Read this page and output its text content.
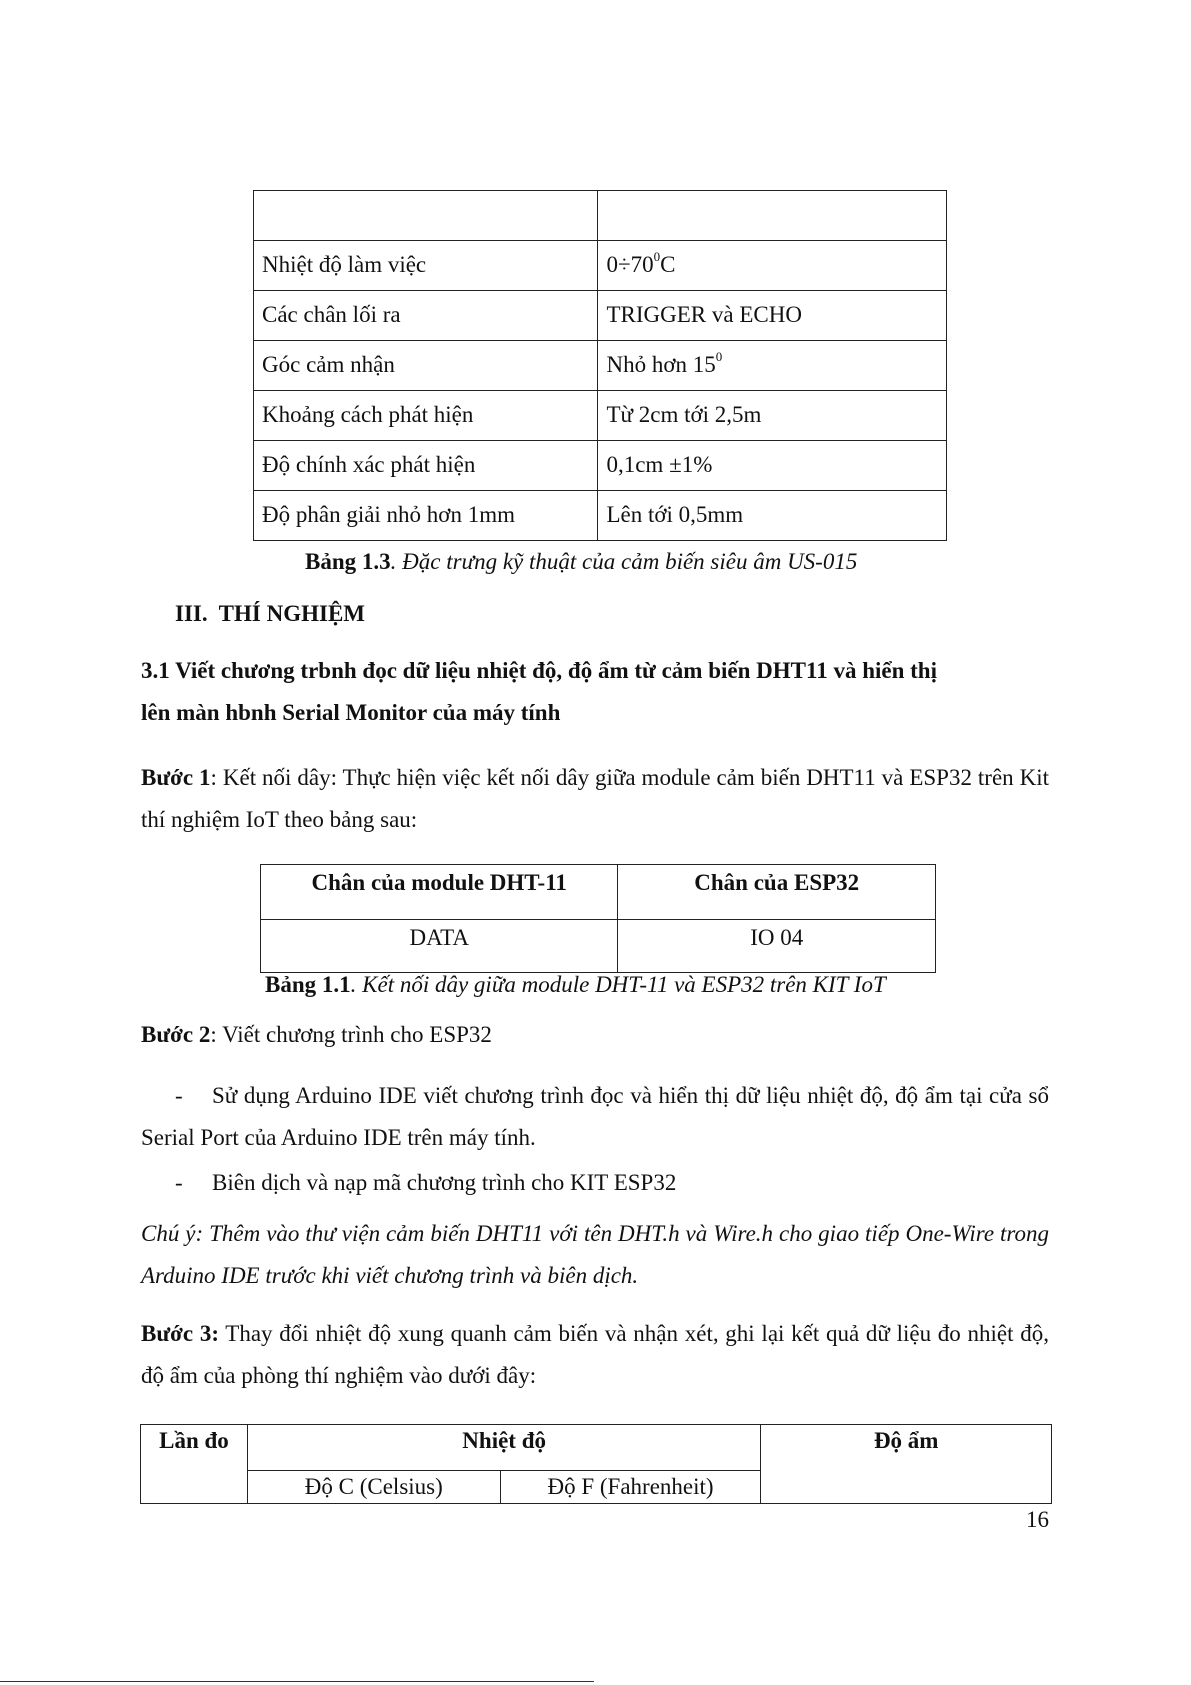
Nhiệt độ làm việc	$0\div 70^0C$
Các chân lối ra	TRIGGER và ECHO
Góc cảm nhận	Nhỏ hơn $15^0$
Khoảng cách phát hiện	Từ 2cm tới 2,5m
Độ chính xác phát hiện	0,1cm ±1%
Độ phân giải nhỏ hơn 1mm	Lên tới 0,5mm
Bảng 1.3. Đặc trưng kỹ thuật của cảm biến siêu âm US-015
III.  THÍ NGHIỆM
3.1 Viết chương trbnh đọc dữ liệu nhiệt độ, độ ẩm từ cảm biến DHT11 và hiển thị
lên màn hbnh Serial Monitor của máy tính
Bước 1: Kết nối dây: Thực hiện việc kết nối dây giữa module cảm biến DHT11 và ESP32 trên Kit thí nghiệm IoT theo bảng sau:
Chân của module DHT-11	Chân của ESP32
DATA	IO 04
Bảng 1.1. Kết nối dây giữa module DHT-11 và ESP32 trên KIT IoT
Bước 2: Viết chương trình cho ESP32
- Sử dụng Arduino IDE viết chương trình đọc và hiển thị dữ liệu nhiệt độ, độ ẩm tại cửa sổ Serial Port của Arduino IDE trên máy tính.
- Biên dịch và nạp mã chương trình cho KIT ESP32
Chú ý: Thêm vào thư viện cảm biến DHT11 với tên DHT.h và Wire.h cho giao tiếp One-Wire trong Arduino IDE trước khi viết chương trình và biên dịch.
Bước 3: Thay đổi nhiệt độ xung quanh cảm biến và nhận xét, ghi lại kết quả dữ liệu đo nhiệt độ, độ ẩm của phòng thí nghiệm vào dưới đây:
Lần đo	Nhiệt độ		Độ ẩm
	Độ C (Celsius)	Độ F (Fahrenheit)	
16
